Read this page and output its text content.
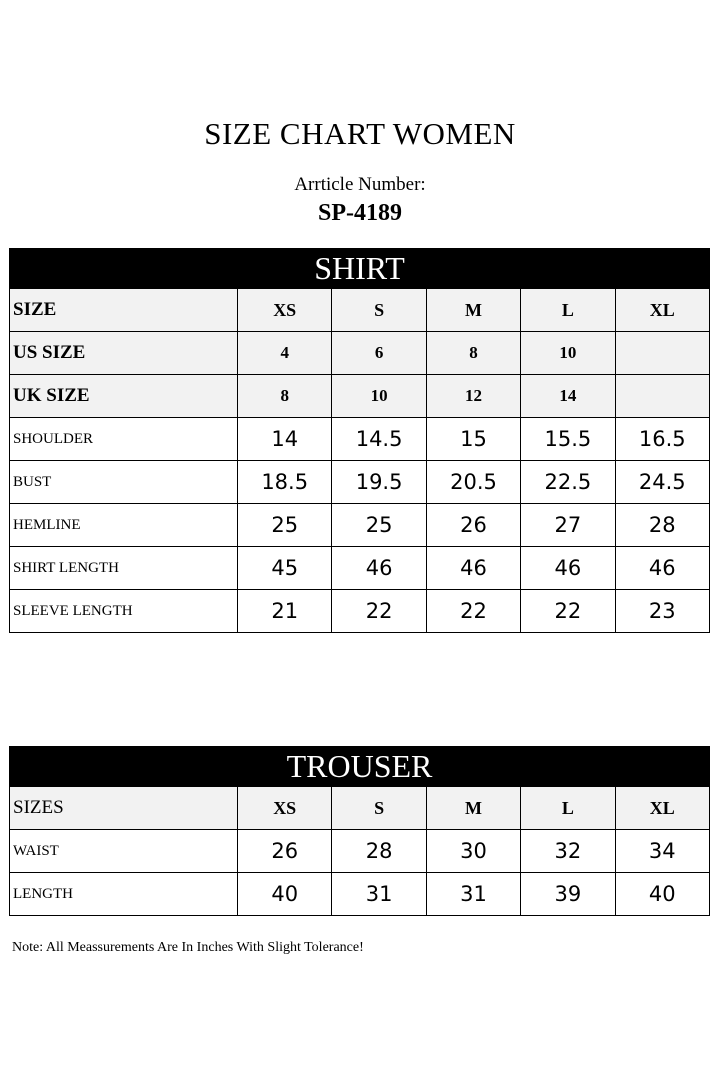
SIZE CHART WOMEN
Arrticle Number:
SP-4189
SHIRT
SIZE	XS	S	M	L	XL
US SIZE	4	6	8	10	
UK SIZE	8	10	12	14	
SHOULDER	14	14.5	15	15.5	16.5
BUST	18.5	19.5	20.5	22.5	24.5
HEMLINE	25	25	26	27	28
SHIRT LENGTH	45	46	46	46	46
SLEEVE LENGTH	21	22	22	22	23
TROUSER
SIZES	XS	S	M	L	XL
WAIST	26	28	30	32	34
LENGTH	40	31	31	39	40
Note: All Meassurements Are In Inches With Slight Tolerance!
